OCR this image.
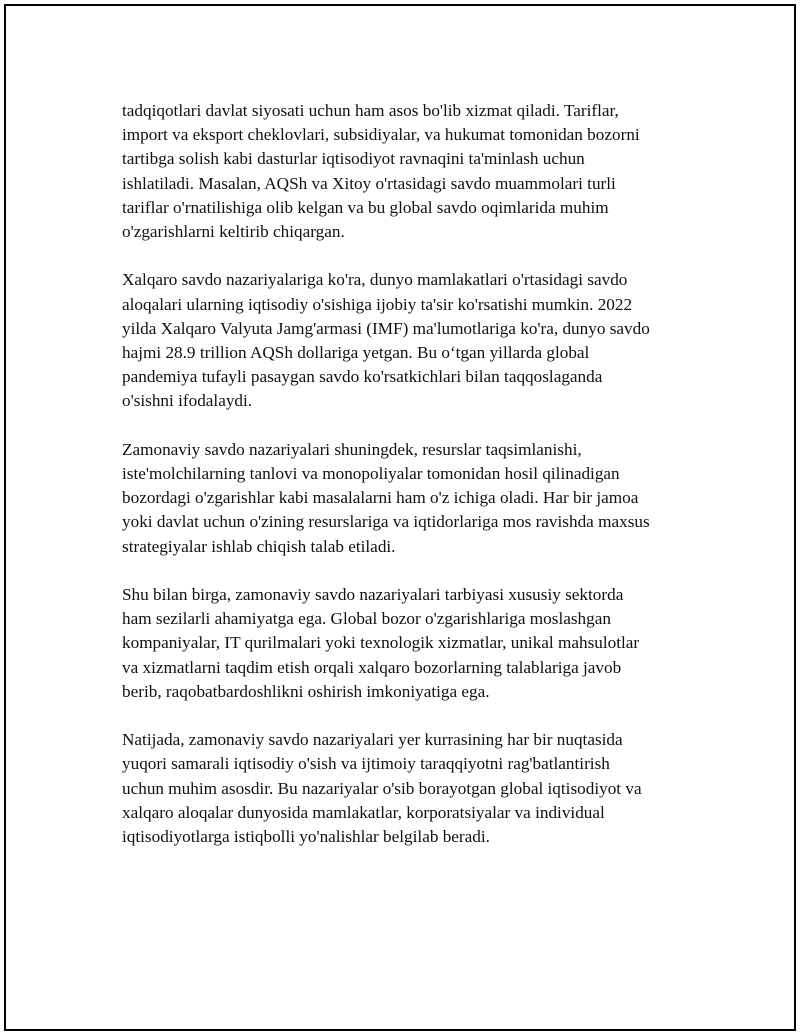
tadqiqotlari davlat siyosati uchun ham asos bo'lib xizmat qiladi. Tariflar,
import va eksport cheklovlari, subsidiyalar, va hukumat tomonidan bozorni
tartibga solish kabi dasturlar iqtisodiyot ravnaqini ta'minlash uchun
ishlatiladi. Masalan, AQSh va Xitoy o'rtasidagi savdo muammolari turli
tariflar o'rnatilishiga olib kelgan va bu global savdo oqimlarida muhim
o'zgarishlarni keltirib chiqargan.

Xalqaro savdo nazariyalariga ko'ra, dunyo mamlakatlari o'rtasidagi savdo
aloqalari ularning iqtisodiy o'sishiga ijobiy ta'sir ko'rsatishi mumkin. 2022
yilda Xalqaro Valyuta Jamg'armasi (IMF) ma'lumotlariga ko'ra, dunyo savdo
hajmi 28.9 trillion AQSh dollariga yetgan. Bu o‘tgan yillarda global
pandemiya tufayli pasaygan savdo ko'rsatkichlari bilan taqqoslaganda
o'sishni ifodalaydi.

Zamonaviy savdo nazariyalari shuningdek, resurslar taqsimlanishi,
iste'molchilarning tanlovi va monopoliyalar tomonidan hosil qilinadigan
bozordagi o'zgarishlar kabi masalalarni ham o'z ichiga oladi. Har bir jamoa
yoki davlat uchun o'zining resurslariga va iqtidorlariga mos ravishda maxsus
strategiyalar ishlab chiqish talab etiladi.

Shu bilan birga, zamonaviy savdo nazariyalari tarbiyasi xususiy sektorda
ham sezilarli ahamiyatga ega. Global bozor o'zgarishlariga moslashgan
kompaniyalar, IT qurilmalari yoki texnologik xizmatlar, unikal mahsulotlar
va xizmatlarni taqdim etish orqali xalqaro bozorlarning talablariga javob
berib, raqobatbardoshlikni oshirish imkoniyatiga ega.

Natijada, zamonaviy savdo nazariyalari yer kurrasining har bir nuqtasida
yuqori samarali iqtisodiy o'sish va ijtimoiy taraqqiyotni rag'batlantirish
uchun muhim asosdir. Bu nazariyalar o'sib borayotgan global iqtisodiyot va
xalqaro aloqalar dunyosida mamlakatlar, korporatsiyalar va individual
iqtisodiyotlarga istiqbolli yo'nalishlar belgilab beradi.
